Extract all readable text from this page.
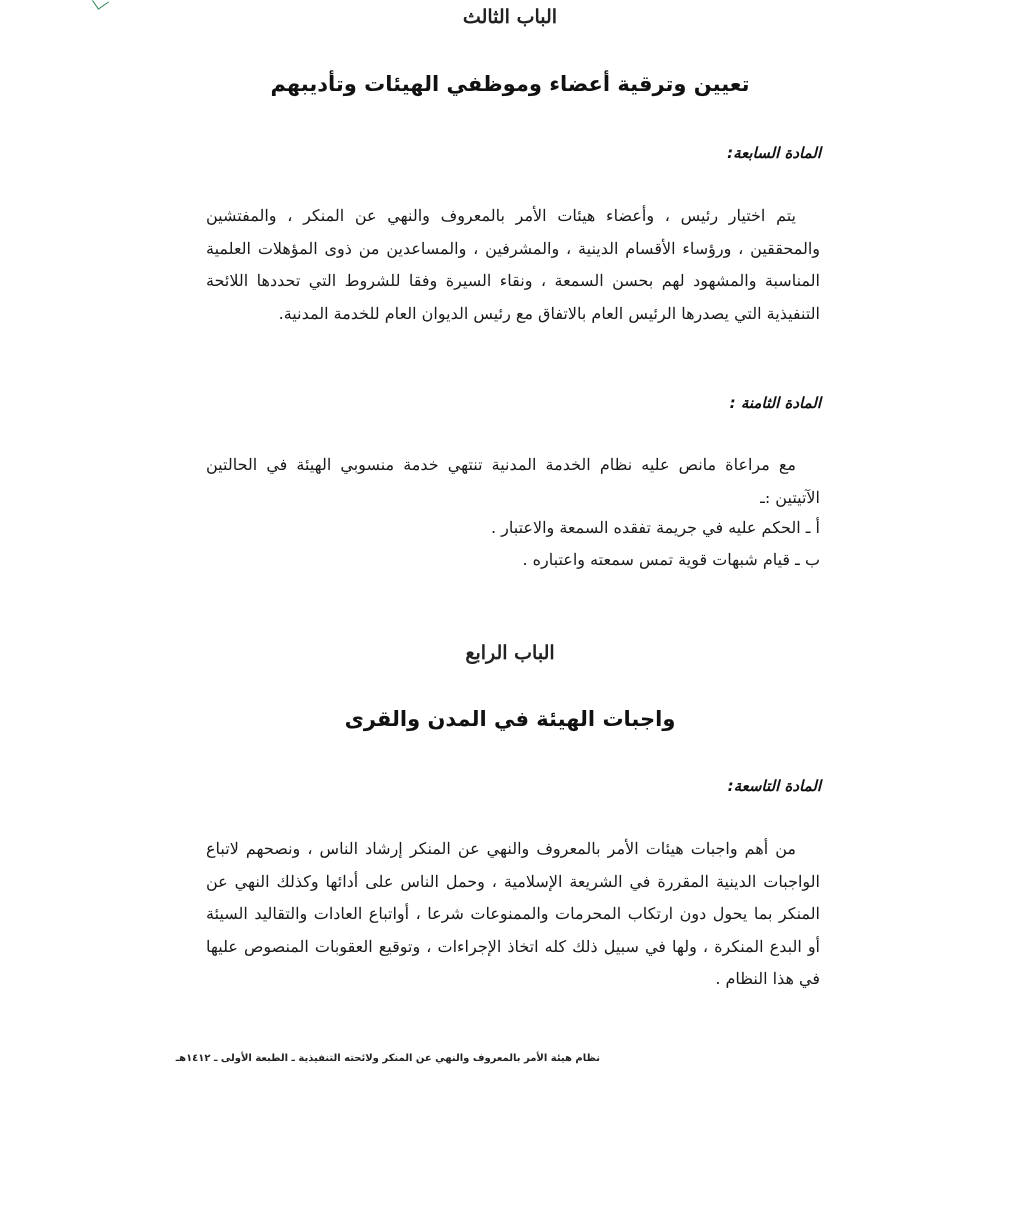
الباب الثالث
تعيين وترقية أعضاء وموظفي الهيئات وتأديبهم
المادة السابعة:
يتم اختيار رئيس ، وأعضاء هيئات الأمر بالمعروف والنهي عن المنكر ، والمفتشين والمحققين ، ورؤساء الأقسام الدينية ، والمشرفين ، والمساعدين من ذوى المؤهلات العلمية المناسبة والمشهود لهم بحسن السمعة ، ونقاء السيرة وفقا للشروط التي تحددها اللائحة التنفيذية التي يصدرها الرئيس العام بالاتفاق مع رئيس الديوان العام للخدمة المدنية.
المادة الثامنة :
مع مراعاة مانص عليه نظام الخدمة المدنية تنتهي خدمة منسوبي الهيئة في الحالتين الآتيتين :ـ
أ ـ الحكم عليه في جريمة تفقده السمعة والاعتبار .
ب ـ قيام شبهات قوية تمس سمعته واعتباره .
الباب الرابع
واجبات الهيئة في المدن والقرى
المادة التاسعة:
من أهم واجبات هيئات الأمر بالمعروف والنهي عن المنكر إرشاد الناس ، ونصحهم لاتباع الواجبات الدينية المقررة في الشريعة الإسلامية ، وحمل الناس على أدائها وكذلك النهي عن المنكر بما يحول دون ارتكاب المحرمات والممنوعات شرعا ، أواتباع العادات والتقاليد السيئة أو البدع المنكرة ، ولها في سبيل ذلك كله اتخاذ الإجراءات ، وتوقيع العقوبات المنصوص عليها في هذا النظام .
نظام هيئة الأمر بالمعروف والنهي عن المنكر ولائحته التنفيذية ـ الطبعة الأولى ـ ١٤١٢هـ
